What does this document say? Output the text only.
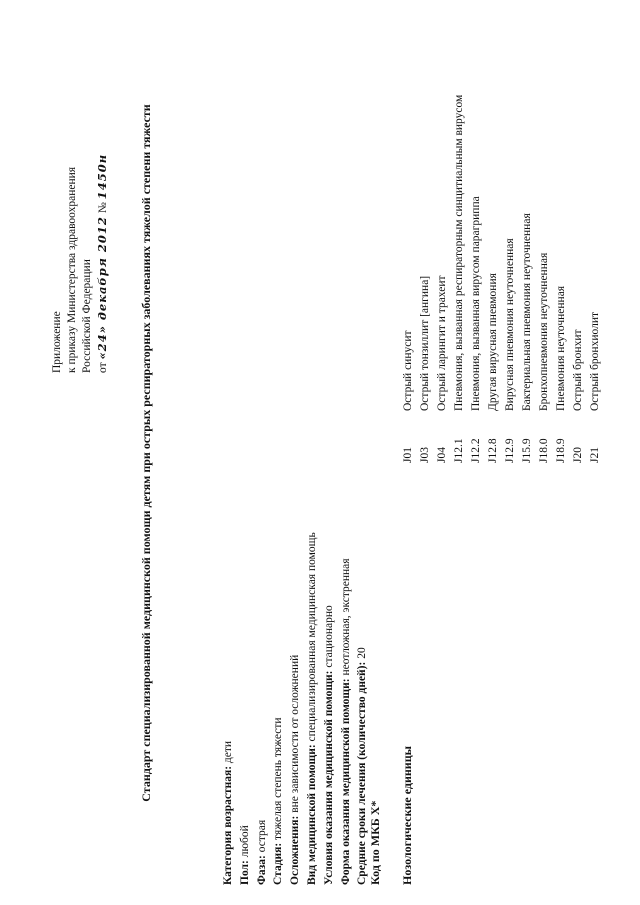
Приложение к приказу Министерства здравоохранения Российской Федерации от «24» декабря 2012 № 1450н	Стандарт специализированной медицинской помощи детям при острых респираторных заболеваниях тяжелой степени тяжести
Категория возрастная: дети
Пол: любой
Фаза: острая
Стадия: тяжелая степень тяжести
Осложнения: вне зависимости от осложнений
Вид медицинской помощи: специализированная медицинская помощь
Условия оказания медицинской помощи: стационарно
Форма оказания медицинской помощи: неотложная, экстренная
Средние сроки лечения (количество дней): 20
Код по МКБ X* Нозологические единицы
J01Острый синусит
J03Острый тонзиллит [ангина]
J04Острый ларингит и трахеит
J12.1Пневмония, вызванная респираторным синцитиальным вирусом
J12.2Пневмония, вызванная вирусом парагриппа
J12.8Другая вирусная пневмония
J12.9Вирусная пневмония неуточненная
J15.9Бактериальная пневмония неуточненная
J18.0Бронхопневмония неуточненная
J18.9Пневмония неуточненная
J20Острый бронхит
J21Острый бронхиолит
